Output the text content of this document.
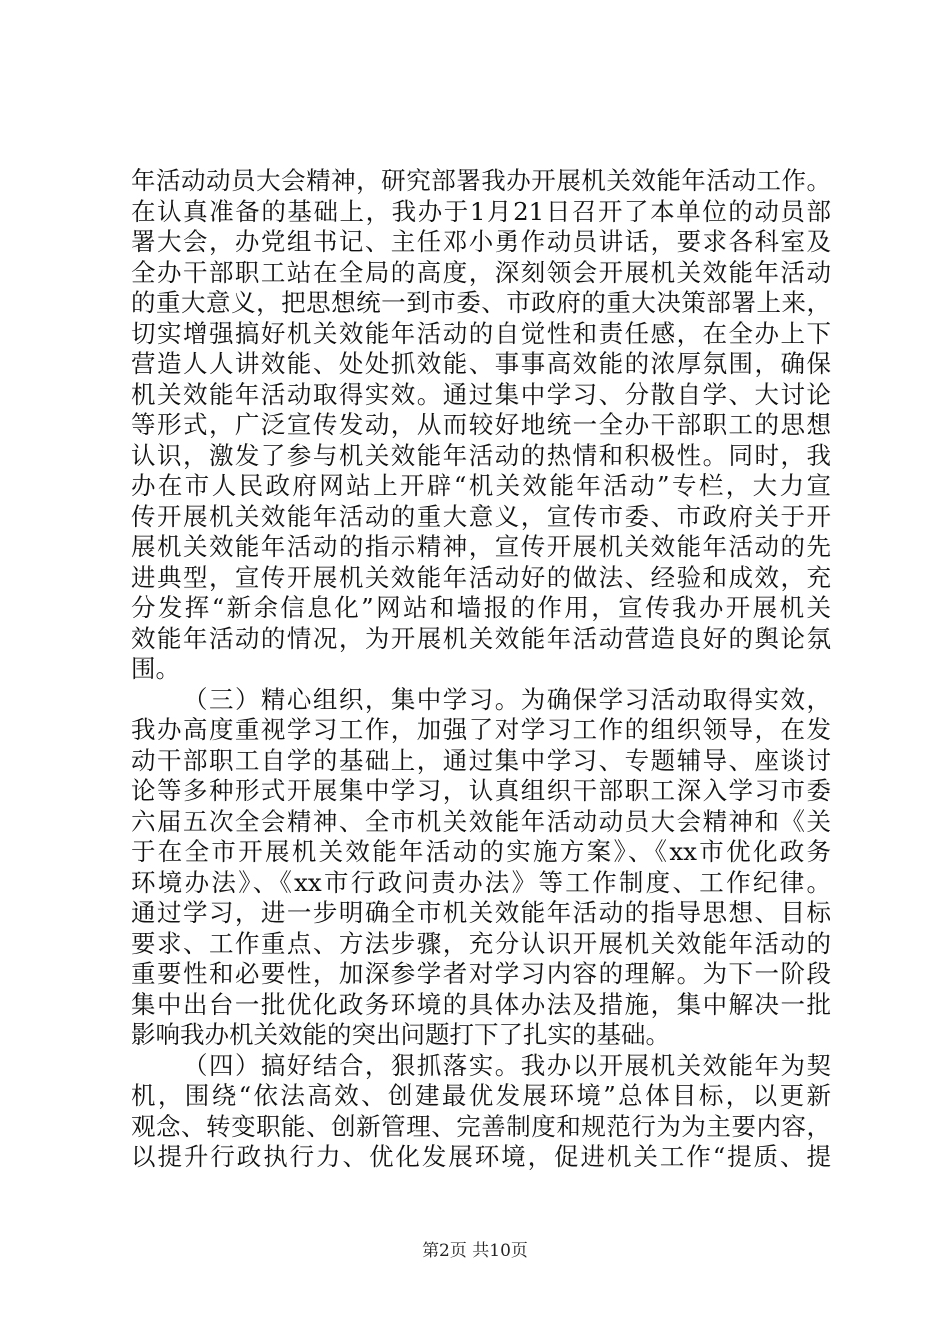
年活动动员大会精神，研究部署我办开展机关效能年活动工作。
在认真准备的基础上，我办于1月21日召开了本单位的动员部
署大会，办党组书记、主任邓小勇作动员讲话，要求各科室及
全办干部职工站在全局的高度，深刻领会开展机关效能年活动
的重大意义，把思想统一到市委、市政府的重大决策部署上来，
切实增强搞好机关效能年活动的自觉性和责任感，在全办上下
营造人人讲效能、处处抓效能、事事高效能的浓厚氛围，确保
机关效能年活动取得实效。通过集中学习、分散自学、大讨论
等形式，广泛宣传发动，从而较好地统一全办干部职工的思想
认识，激发了参与机关效能年活动的热情和积极性。同时，我
办在市人民政府网站上开辟“机关效能年活动”专栏，大力宣
传开展机关效能年活动的重大意义，宣传市委、市政府关于开
展机关效能年活动的指示精神，宣传开展机关效能年活动的先
进典型，宣传开展机关效能年活动好的做法、经验和成效，充
分发挥“新余信息化”网站和墙报的作用，宣传我办开展机关
效能年活动的情况，为开展机关效能年活动营造良好的舆论氛
围。
（三）精心组织，集中学习。为确保学习活动取得实效，
我办高度重视学习工作，加强了对学习工作的组织领导，在发
动干部职工自学的基础上，通过集中学习、专题辅导、座谈讨
论等多种形式开展集中学习，认真组织干部职工深入学习市委
六届五次全会精神、全市机关效能年活动动员大会精神和《关
于在全市开展机关效能年活动的实施方案》、《xx市优化政务
环境办法》、《xx市行政问责办法》等工作制度、工作纪律。
通过学习，进一步明确全市机关效能年活动的指导思想、目标
要求、工作重点、方法步骤，充分认识开展机关效能年活动的
重要性和必要性，加深参学者对学习内容的理解。为下一阶段
集中出台一批优化政务环境的具体办法及措施，集中解决一批
影响我办机关效能的突出问题打下了扎实的基础。
（四）搞好结合，狠抓落实。我办以开展机关效能年为契
机，围绕“依法高效、创建最优发展环境”总体目标，以更新
观念、转变职能、创新管理、完善制度和规范行为为主要内容，
以提升行政执行力、优化发展环境，促进机关工作“提质、提
第2页 共10页
